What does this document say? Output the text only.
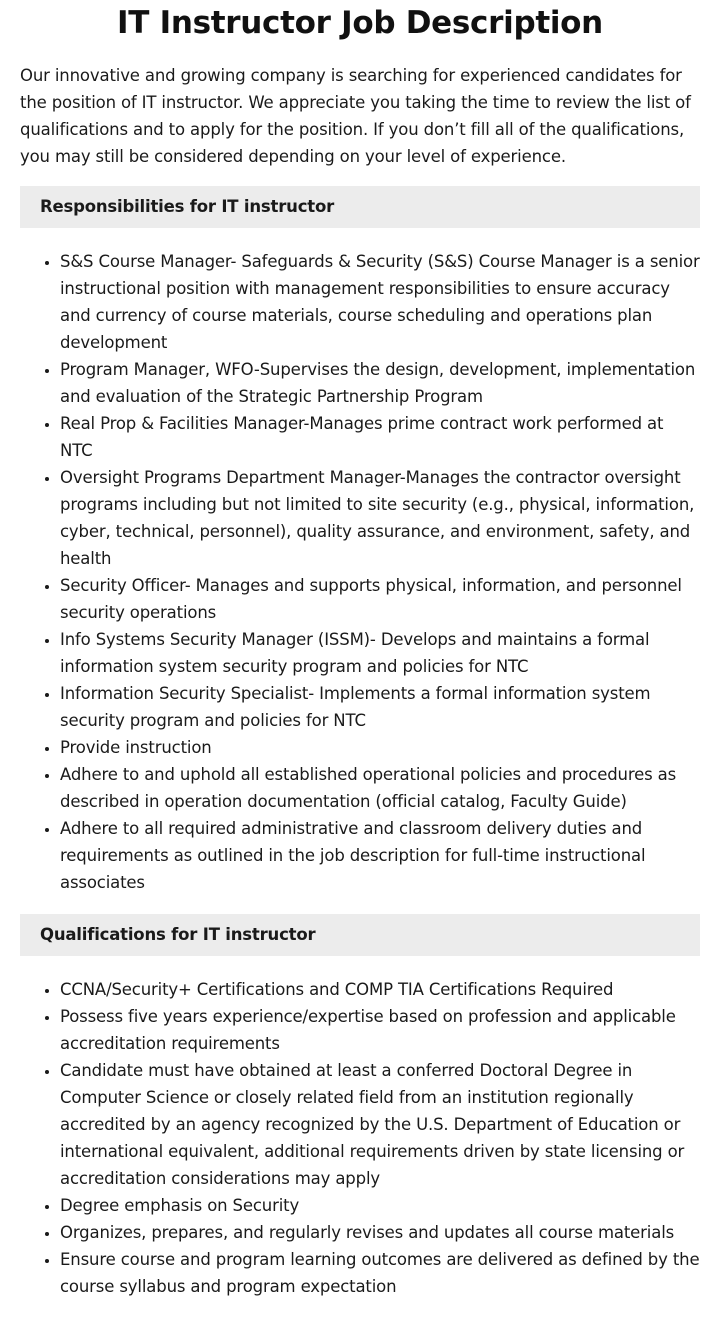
IT Instructor Job Description

Our innovative and growing company is searching for experienced candidates for the position of IT instructor. We appreciate you taking the time to review the list of qualifications and to apply for the position. If you don’t fill all of the qualifications, you may still be considered depending on your level of experience.

Responsibilities for IT instructor
• S&S Course Manager- Safeguards & Security (S&S) Course Manager is a senior instructional position with management responsibilities to ensure accuracy and currency of course materials, course scheduling and operations plan development
• Program Manager, WFO-Supervises the design, development, implementation and evaluation of the Strategic Partnership Program
• Real Prop & Facilities Manager-Manages prime contract work performed at NTC
• Oversight Programs Department Manager-Manages the contractor oversight programs including but not limited to site security (e.g., physical, information, cyber, technical, personnel), quality assurance, and environment, safety, and health
• Security Officer- Manages and supports physical, information, and personnel security operations
• Info Systems Security Manager (ISSM)- Develops and maintains a formal information system security program and policies for NTC
• Information Security Specialist- Implements a formal information system security program and policies for NTC
• Provide instruction
• Adhere to and uphold all established operational policies and procedures as described in operation documentation (official catalog, Faculty Guide)
• Adhere to all required administrative and classroom delivery duties and requirements as outlined in the job description for full-time instructional associates
Qualifications for IT instructor
• CCNA/Security+ Certifications and COMP TIA Certifications Required
• Possess five years experience/expertise based on profession and applicable accreditation requirements
• Candidate must have obtained at least a conferred Doctoral Degree in Computer Science or closely related field from an institution regionally accredited by an agency recognized by the U.S. Department of Education or international equivalent, additional requirements driven by state licensing or accreditation considerations may apply
• Degree emphasis on Security
• Organizes, prepares, and regularly revises and updates all course materials
• Ensure course and program learning outcomes are delivered as defined by the course syllabus and program expectation
